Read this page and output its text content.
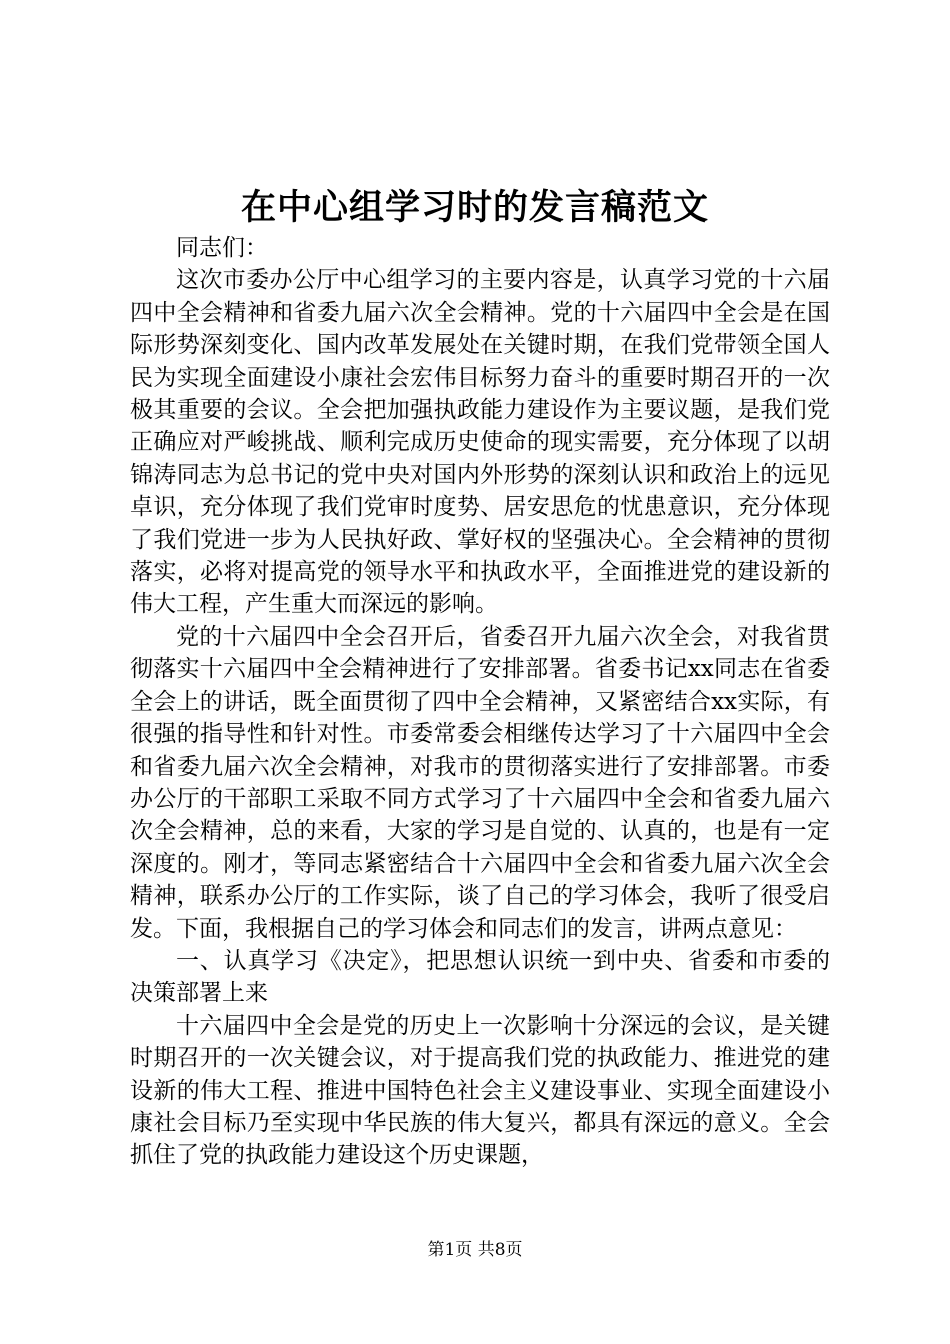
在中心组学习时的发言稿范文

同志们：

这次市委办公厅中心组学习的主要内容是，认真学习党的十六届四中全会精神和省委九届六次全会精神。党的十六届四中全会是在国际形势深刻变化、国内改革发展处在关键时期，在我们党带领全国人民为实现全面建设小康社会宏伟目标努力奋斗的重要时期召开的一次极其重要的会议。全会把加强执政能力建设作为主要议题，是我们党正确应对严峻挑战、顺利完成历史使命的现实需要，充分体现了以胡锦涛同志为总书记的党中央对国内外形势的深刻认识和政治上的远见卓识，充分体现了我们党审时度势、居安思危的忧患意识，充分体现了我们党进一步为人民执好政、掌好权的坚强决心。全会精神的贯彻落实，必将对提高党的领导水平和执政水平，全面推进党的建设新的伟大工程，产生重大而深远的影响。

党的十六届四中全会召开后，省委召开九届六次全会，对我省贯彻落实十六届四中全会精神进行了安排部署。省委书记xx同志在省委全会上的讲话，既全面贯彻了四中全会精神，又紧密结合xx实际，有很强的指导性和针对性。市委常委会相继传达学习了十六届四中全会和省委九届六次全会精神，对我市的贯彻落实进行了安排部署。市委办公厅的干部职工采取不同方式学习了十六届四中全会和省委九届六次全会精神，总的来看，大家的学习是自觉的、认真的，也是有一定深度的。刚才，等同志紧密结合十六届四中全会和省委九届六次全会精神，联系办公厅的工作实际，谈了自己的学习体会，我听了很受启发。下面，我根据自己的学习体会和同志们的发言，讲两点意见：

一、认真学习《决定》，把思想认识统一到中央、省委和市委的决策部署上来

十六届四中全会是党的历史上一次影响十分深远的会议，是关键时期召开的一次关键会议，对于提高我们党的执政能力、推进党的建设新的伟大工程、推进中国特色社会主义建设事业、实现全面建设小康社会目标乃至实现中华民族的伟大复兴，都具有深远的意义。全会抓住了党的执政能力建设这个历史课题，

第1页 共8页
